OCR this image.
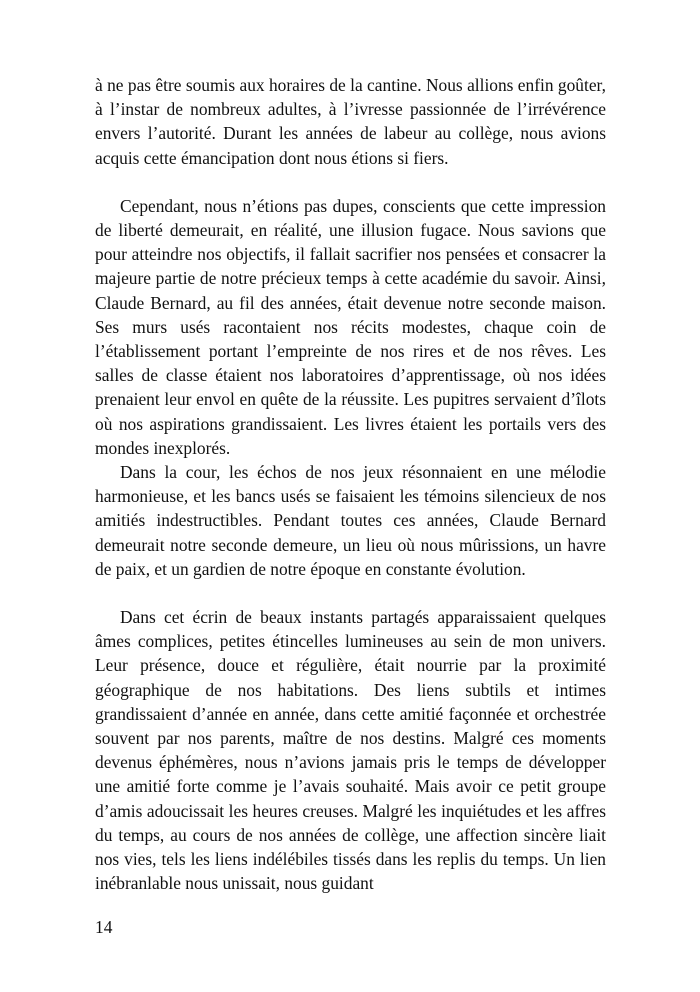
à ne pas être soumis aux horaires de la cantine. Nous allions enfin goûter, à l’instar de nombreux adultes, à l’ivresse passionnée de l’irrévérence envers l’autorité. Durant les années de labeur au collège, nous avions acquis cette émancipation dont nous étions si fiers.

Cependant, nous n’étions pas dupes, conscients que cette impression de liberté demeurait, en réalité, une illusion fugace. Nous savions que pour atteindre nos objectifs, il fallait sacrifier nos pensées et consacrer la majeure partie de notre précieux temps à cette académie du savoir. Ainsi, Claude Bernard, au fil des années, était devenue notre seconde maison. Ses murs usés racontaient nos récits modestes, chaque coin de l’établissement portant l’empreinte de nos rires et de nos rêves. Les salles de classe étaient nos laboratoires d’apprentissage, où nos idées prenaient leur envol en quête de la réussite. Les pupitres servaient d’îlots où nos aspirations grandissaient. Les livres étaient les portails vers des mondes inexplorés.

Dans la cour, les échos de nos jeux résonnaient en une mélodie harmonieuse, et les bancs usés se faisaient les témoins silencieux de nos amitiés indestructibles. Pendant toutes ces années, Claude Bernard demeurait notre seconde demeure, un lieu où nous mûrissions, un havre de paix, et un gardien de notre époque en constante évolution.

Dans cet écrin de beaux instants partagés apparaissaient quelques âmes complices, petites étincelles lumineuses au sein de mon univers. Leur présence, douce et régulière, était nourrie par la proximité géographique de nos habitations. Des liens subtils et intimes grandissaient d’année en année, dans cette amitié façonnée et orchestrée souvent par nos parents, maître de nos destins. Malgré ces moments devenus éphémères, nous n’avions jamais pris le temps de développer une amitié forte comme je l’avais souhaité. Mais avoir ce petit groupe d’amis adoucissait les heures creuses. Malgré les inquiétudes et les affres du temps, au cours de nos années de collège, une affection sincère liait nos vies, tels les liens indélébiles tissés dans les replis du temps. Un lien inébranlable nous unissait, nous guidant

14
